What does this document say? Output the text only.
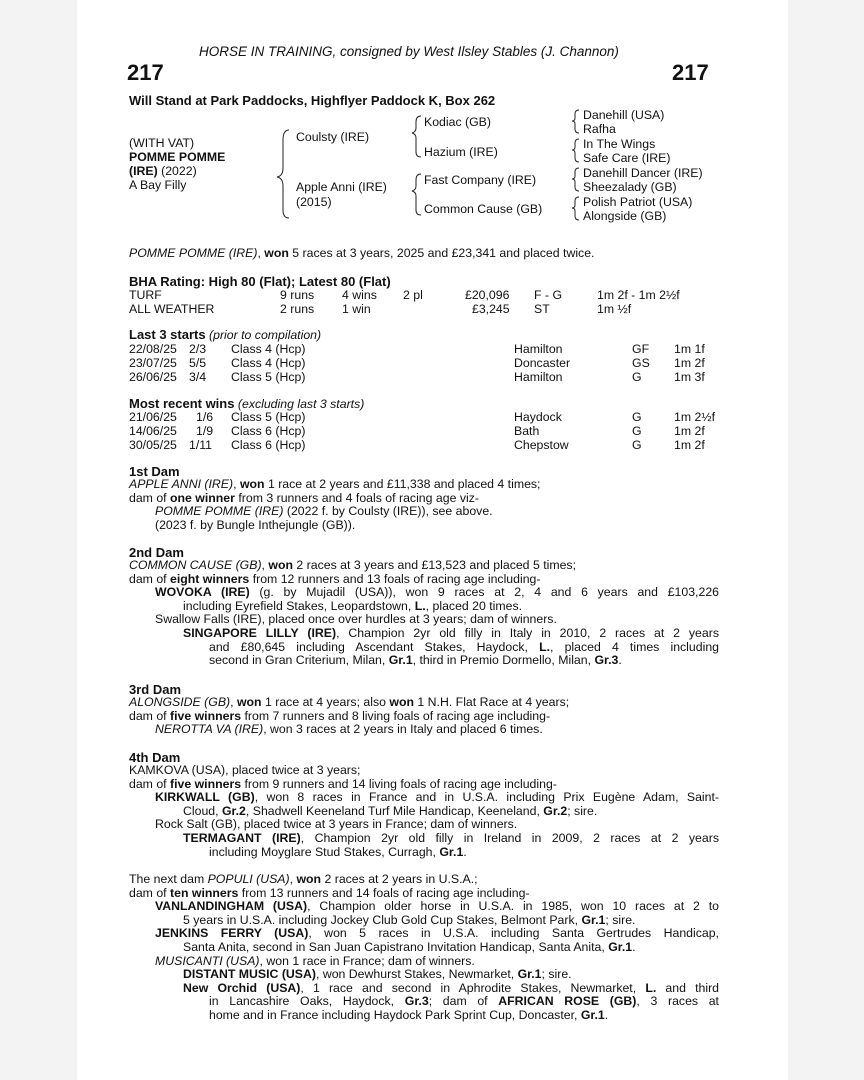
HORSE IN TRAINING, consigned by West Ilsley Stables (J. Channon)
217	217
Will Stand at Park Paddocks, Highflyer Paddock K, Box 262
(WITH VAT)
POMME POMME
(IRE) (2022)
A Bay Filly
Coulsty (IRE)
Apple Anni (IRE)
(2015)
Kodiac (GB)
Hazium (IRE)
Fast Company (IRE)
Common Cause (GB)
Danehill (USA)
Rafha
In The Wings
Safe Care (IRE)
Danehill Dancer (IRE)
Sheezalady (GB)
Polish Patriot (USA)
Alongside (GB)
POMME POMME (IRE), won 5 races at 3 years, 2025 and £23,341 and placed twice.
BHA Rating: High 80 (Flat); Latest 80 (Flat)
TURF	9 runs 4 wins 2 pl	£20,096 F - G	1m 2f - 1m 2½f
ALL WEATHER	2 runs 1 win	£3,245 ST	1m ½f
Last 3 starts (prior to compilation)
22/08/25 2/3 Class 4 (Hcp)	Hamilton	GF 1m 1f
23/07/25 5/5 Class 4 (Hcp)	Doncaster	GS 1m 2f
26/06/25 3/4 Class 5 (Hcp)	Hamilton	G	1m 3f
Most recent wins (excluding last 3 starts)
21/06/25 1/6 Class 5 (Hcp)	Haydock	G	1m 2½f
14/06/25 1/9 Class 6 (Hcp)	Bath	G	1m 2f
30/05/25 1/11 Class 6 (Hcp)	Chepstow	G	1m 2f
1st Dam
APPLE ANNI (IRE), won 1 race at 2 years and £11,338 and placed 4 times;
dam of one winner from 3 runners and 4 foals of racing age viz-
POMME POMME (IRE) (2022 f. by Coulsty (IRE)), see above.
(2023 f. by Bungle Inthejungle (GB)).
2nd Dam
COMMON CAUSE (GB), won 2 races at 3 years and £13,523 and placed 5 times;
dam of eight winners from 12 runners and 13 foals of racing age including-
WOVOKA (IRE) (g. by Mujadil (USA)), won 9 races at 2, 4 and 6 years and £103,226
including Eyrefield Stakes, Leopardstown, L., placed 20 times.
Swallow Falls (IRE), placed once over hurdles at 3 years; dam of winners.
SINGAPORE LILLY (IRE), Champion 2yr old filly in Italy in 2010, 2 races at 2 years
and £80,645 including Ascendant Stakes, Haydock, L., placed 4 times including
second in Gran Criterium, Milan, Gr.1, third in Premio Dormello, Milan, Gr.3.
3rd Dam
ALONGSIDE (GB), won 1 race at 4 years; also won 1 N.H. Flat Race at 4 years;
dam of five winners from 7 runners and 8 living foals of racing age including-
NEROTTA VA (IRE), won 3 races at 2 years in Italy and placed 6 times.
4th Dam
KAMKOVA (USA), placed twice at 3 years;
dam of five winners from 9 runners and 14 living foals of racing age including-
KIRKWALL (GB), won 8 races in France and in U.S.A. including Prix Eugène Adam, Saint-
Cloud, Gr.2, Shadwell Keeneland Turf Mile Handicap, Keeneland, Gr.2; sire.
Rock Salt (GB), placed twice at 3 years in France; dam of winners.
TERMAGANT (IRE), Champion 2yr old filly in Ireland in 2009, 2 races at 2 years
including Moyglare Stud Stakes, Curragh, Gr.1.
The next dam POPULI (USA), won 2 races at 2 years in U.S.A.;
dam of ten winners from 13 runners and 14 foals of racing age including-
VANLANDINGHAM (USA), Champion older horse in U.S.A. in 1985, won 10 races at 2 to
5 years in U.S.A. including Jockey Club Gold Cup Stakes, Belmont Park, Gr.1; sire.
JENKINS FERRY (USA), won 5 races in U.S.A. including Santa Gertrudes Handicap,
Santa Anita, second in San Juan Capistrano Invitation Handicap, Santa Anita, Gr.1.
MUSICANTI (USA), won 1 race in France; dam of winners.
DISTANT MUSIC (USA), won Dewhurst Stakes, Newmarket, Gr.1; sire.
New Orchid (USA), 1 race and second in Aphrodite Stakes, Newmarket, L. and third
in Lancashire Oaks, Haydock, Gr.3; dam of AFRICAN ROSE (GB), 3 races at
home and in France including Haydock Park Sprint Cup, Doncaster, Gr.1.
